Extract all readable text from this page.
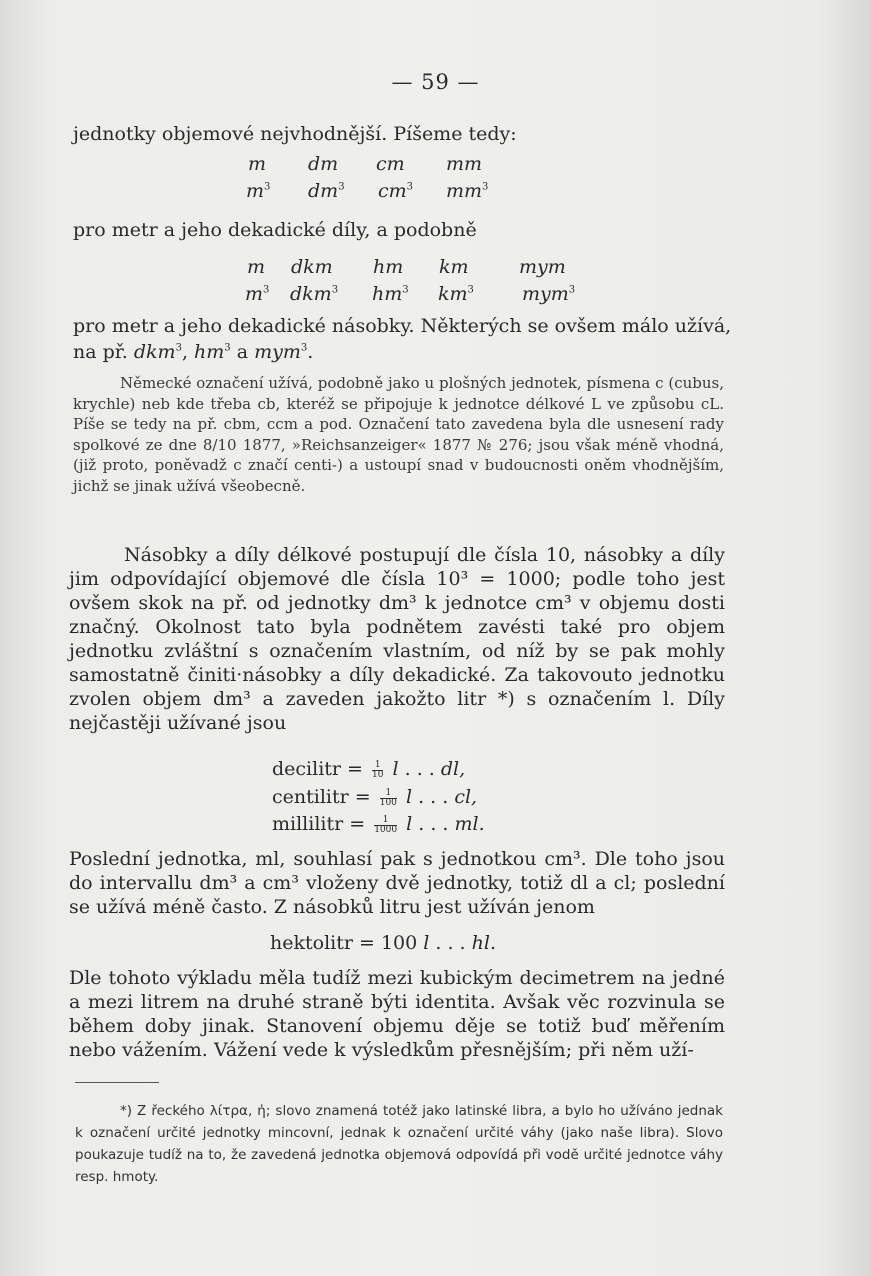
— 59 —
jednotky objemové nejvhodnější. Píšeme tedy:
m dm cm mm
$m^3$ $dm^3$ $cm^3$ $mm^3$
pro metr a jeho dekadické díly, a podobně
m dkm hm km	mym
$m^3$ dkm$^3$ $hm^3$ $km^3$	mym$^3$
pro metr a jeho dekadické násobky. Některých se ovšem málo užívá,
na př. dkm$^3$, $hm^3$ a mym$^3$.

Německé označení užívá, podobně jako u plošných jednotek, písmena c (cubus, krychle) neb kde třeba cb, kteréž se připojuje k jednotce délkové L ve způsobu cL. Píše se tedy na př. cbm, ccm a pod. Označení tato zavedena byla dle usnesení rady spolkové ze dne 8/10 1877, »Reichsanzeiger« 1877 № 276; jsou však méně vhodná, (již proto, poněvadž c značí centi-) a ustoupí snad v budoucnosti oněm vhodnějším, jichž se jinak užívá všeobecně.

Násobky a díly délkové postupují dle čísla 10, násobky a díly jim odpovídající objemové dle čísla 10³ = 1000; podle toho jest ovšem skok na př. od jednotky dm³ k jednotce cm³ v objemu dosti značný. Okolnost tato byla podnětem zavésti také pro objem jednotku zvláštní s označením vlastním, od níž by se pak mohly samostatně činiti·násobky a díly dekadické. Za takovouto jednotku zvolen objem dm³ a zaveden jakožto litr *) s označením l. Díly nejčastěji užívané jsou

decilitr = $\frac{1}{10}$ l . . . dl,
centilitr = $\frac{1}{100}$ l . . . cl,
millilitr = $\frac{1}{1000}$ l . . . ml.

Poslední jednotka, ml, souhlasí pak s jednotkou cm³. Dle toho jsou do intervallu dm³ a cm³ vloženy dvě jednotky, totiž dl a cl; poslední se užívá méně často. Z násobků litru jest užíván jenom

hektolitr = 100 l . . . hl.

Dle tohoto výkladu měla tudíž mezi kubickým decimetrem na jedné a mezi litrem na druhé straně býti identita. Avšak věc rozvinula se během doby jinak. Stanovení objemu děje se totiž buď měřením nebo vážením. Vážení vede k výsledkům přesnějším; při něm uží-

*) Z řeckého λίτρα, ἡ; slovo znamená totéž jako latinské libra, a bylo ho užíváno jednak k označení určité jednotky mincovní, jednak k označení určité váhy (jako naše libra). Slovo poukazuje tudíž na to, že zavedená jednotka objemová odpovídá při vodě určité jednotce váhy resp. hmoty.
